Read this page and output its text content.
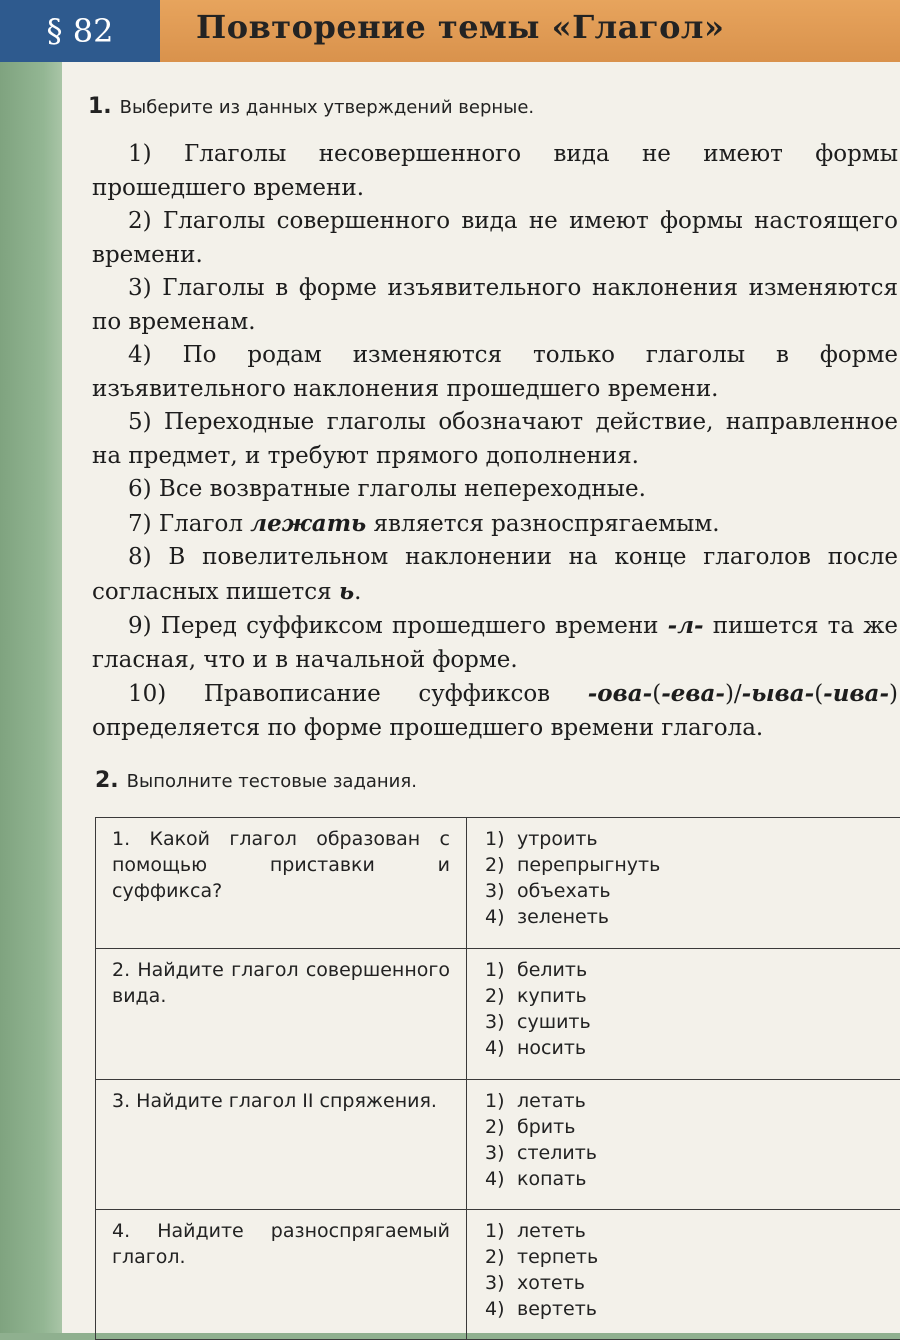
§ 82	Повторение темы «Глагол»
1. Выберите из данных утверждений верные.

1) Глаголы несовершенного вида не имеют формы прошедшего времени.

2) Глаголы совершенного вида не имеют формы настоящего времени.

3) Глаголы в форме изъявительного наклонения изменяются по временам.

4) По родам изменяются только глаголы в форме изъявительного наклонения прошедшего времени.

5) Переходные глаголы обозначают действие, направленное на предмет, и требуют прямого дополнения.

6) Все возвратные глаголы непереходные.

7) Глагол лежать является разноспрягаемым.

8) В повелительном наклонении на конце глаголов после согласных пишется ь.

9) Перед суффиксом прошедшего времени -л- пишется та же гласная, что и в начальной форме.

10) Правописание суффиксов -ова-(-ева-)/-ыва-(-ива-) определяется по форме прошедшего времени глагола.

2. Выполните тестовые задания.
1. Какой глагол образован с помощью приставки и суффикса?	1) утроить
2) перепрыгнуть
3) объехать
4) зеленеть

2. Найдите глагол совершенного вида.	1) белить
2) купить
3) сушить
4) носить

3. Найдите глагол II спряжения.	1) летать
2) брить
3) стелить
4) копать

4. Найдите разноспрягаемый глагол.	1) лететь
2) терпеть
3) хотеть
4) вертеть
